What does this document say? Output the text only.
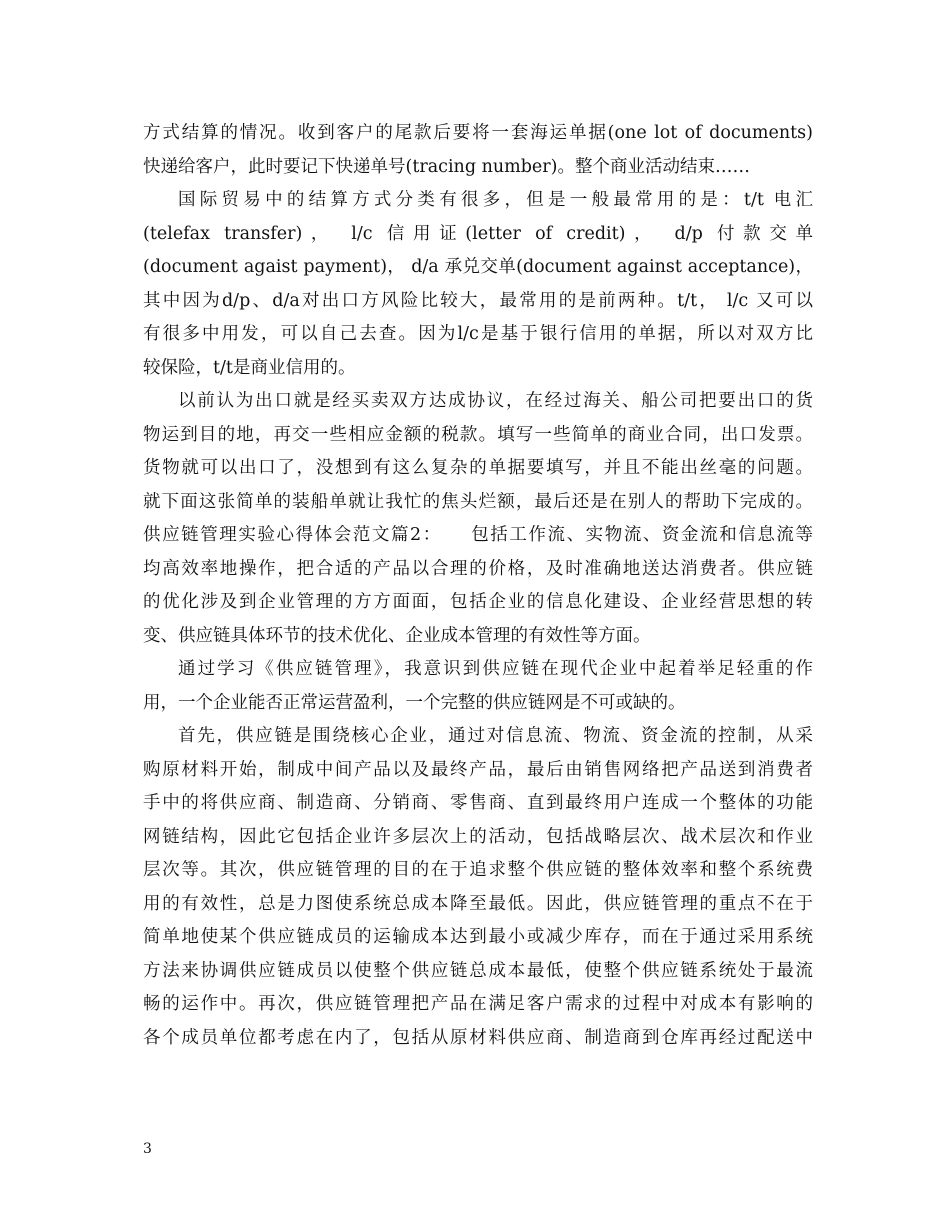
方式结算的情况。收到客户的尾款后要将一套海运单据(one lot of documents)
快递给客户，此时要记下快递单号(tracing number)。整个商业活动结束……
国际贸易中的结算方式分类有很多，但是一般最常用的是：t/t 电汇
(telefax transfer)， l/c 信用证(letter of credit)， d/p 付款交单
(document agaist payment)， d/a 承兑交单(document against acceptance)，
其中因为d/p、d/a对出口方风险比较大，最常用的是前两种。t/t， l/c 又可以
有很多中用发，可以自己去查。因为l/c是基于银行信用的单据，所以对双方比
较保险，t/t是商业信用的。
以前认为出口就是经买卖双方达成协议，在经过海关、船公司把要出口的货
物运到目的地，再交一些相应金额的税款。填写一些简单的商业合同，出口发票。
货物就可以出口了，没想到有这么复杂的单据要填写，并且不能出丝毫的问题。
就下面这张简单的装船单就让我忙的焦头烂额，最后还是在别人的帮助下完成的。
供应链管理实验心得体会范文篇2：　　包括工作流、实物流、资金流和信息流等
均高效率地操作，把合适的产品以合理的价格，及时准确地送达消费者。供应链
的优化涉及到企业管理的方方面面，包括企业的信息化建设、企业经营思想的转
变、供应链具体环节的技术优化、企业成本管理的有效性等方面。
通过学习《供应链管理》，我意识到供应链在现代企业中起着举足轻重的作
用，一个企业能否正常运营盈利，一个完整的供应链网是不可或缺的。
首先，供应链是围绕核心企业，通过对信息流、物流、资金流的控制，从采
购原材料开始，制成中间产品以及最终产品，最后由销售网络把产品送到消费者
手中的将供应商、制造商、分销商、零售商、直到最终用户连成一个整体的功能
网链结构，因此它包括企业许多层次上的活动，包括战略层次、战术层次和作业
层次等。其次，供应链管理的目的在于追求整个供应链的整体效率和整个系统费
用的有效性，总是力图使系统总成本降至最低。因此，供应链管理的重点不在于
简单地使某个供应链成员的运输成本达到最小或减少库存，而在于通过采用系统
方法来协调供应链成员以使整个供应链总成本最低，使整个供应链系统处于最流
畅的运作中。再次，供应链管理把产品在满足客户需求的过程中对成本有影响的
各个成员单位都考虑在内了，包括从原材料供应商、制造商到仓库再经过配送中
3
